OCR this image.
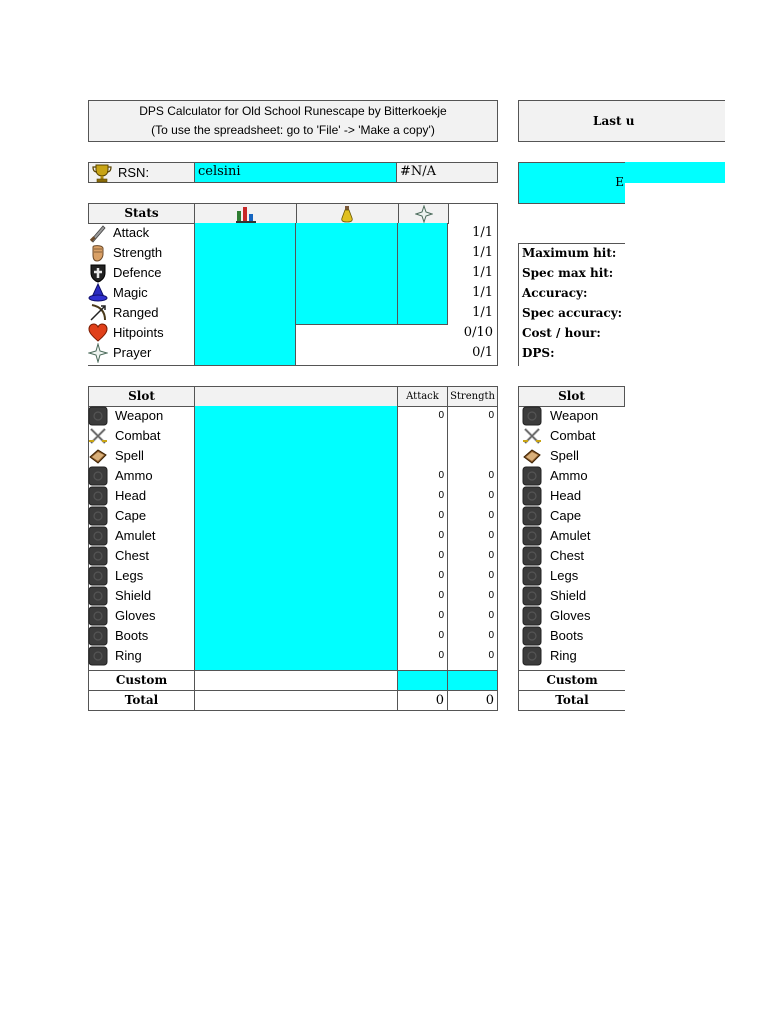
DPS Calculator for Old School Runescape by Bitterkoekje
(To use the spreadsheet: go to 'File' -> 'Make a copy')
Last u
RSN:	celsini	#N/A
E
Stats
Attack	1/1
Strength	1/1
Defence	1/1
Magic	1/1
Ranged	1/1
Hitpoints	0/10
Prayer	0/1
Maximum hit:
Spec max hit:
Accuracy:
Spec accuracy:
Cost / hour:
DPS:
Slot	Attack	Strength
Weapon	0	0
Combat
Spell
Ammo	0	0
Head	0	0
Cape	0	0
Amulet	0	0
Chest	0	0
Legs	0	0
Shield	0	0
Gloves	0	0
Boots	0	0
Ring	0	0
Custom
Total	0	0
Slot
Weapon
Combat
Spell
Ammo
Head
Cape
Amulet
Chest
Legs
Shield
Gloves
Boots
Ring
Custom
Total
